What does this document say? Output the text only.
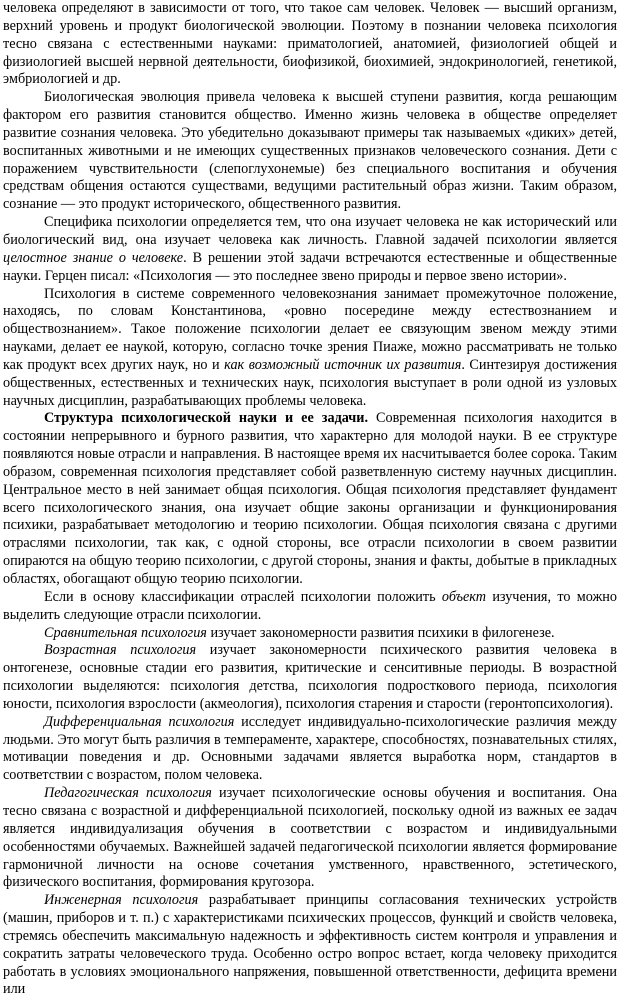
человека определяют в зависимости от того, что такое сам человек. Человек — высший организм, верхний уровень и продукт биологической эволюции. Поэтому в познании человека психология тесно связана с естественными науками: приматологией, анатомией, физиологией общей и физиологией высшей нервной деятельности, биофизикой, биохимией, эндокринологией, генетикой, эмбриологией и др.

Биологическая эволюция привела человека к высшей ступени развития, когда решающим фактором его развития становится общество. Именно жизнь человека в обществе определяет развитие сознания человека. Это убедительно доказывают примеры так называемых «диких» детей, воспитанных животными и не имеющих существенных признаков человеческого сознания. Дети с поражением чувствительности (слепоглухонемые) без специального воспитания и обучения средствам общения остаются существами, ведущими растительный образ жизни. Таким образом, сознание — это продукт исторического, общественного развития.

Специфика психологии определяется тем, что она изучает человека не как исторический или биологический вид, она изучает человека как личность. Главной задачей психологии является целостное знание о человеке. В решении этой задачи встречаются естественные и общественные науки. Герцен писал: «Психология — это последнее звено природы и первое звено истории».

Психология в системе современного человекознания занимает промежуточное положение, находясь, по словам Константинова, «ровно посередине между естествознанием и обществознанием». Такое положение психологии делает ее связующим звеном между этими науками, делает ее наукой, которую, согласно точке зрения Пиаже, можно рассматривать не только как продукт всех других наук, но и как возможный источник их развития. Синтезируя достижения общественных, естественных и технических наук, психология выступает в роли одной из узловых научных дисциплин, разрабатывающих проблемы человека.

Структура психологической науки и ее задачи. Современная психология находится в состоянии непрерывного и бурного развития, что характерно для молодой науки. В ее структуре появляются новые отрасли и направления. В настоящее время их насчитывается более сорока. Таким образом, современная психология представляет собой разветвленную систему научных дисциплин. Центральное место в ней занимает общая психология. Общая психология представляет фундамент всего психологического знания, она изучает общие законы организации и функционирования психики, разрабатывает методологию и теорию психологии. Общая психология связана с другими отраслями психологии, так как, с одной стороны, все отрасли психологии в своем развитии опираются на общую теорию психологии, с другой стороны, знания и факты, добытые в прикладных областях, обогащают общую теорию психологии.

Если в основу классификации отраслей психологии положить объект изучения, то можно выделить следующие отрасли психологии.

Сравнительная психология изучает закономерности развития психики в филогенезе.

Возрастная психология изучает закономерности психического развития человека в онтогенезе, основные стадии его развития, критические и сенситивные периоды. В возрастной психологии выделяются: психология детства, психология подросткового периода, психология юности, психология взрослости (акмеология), психология старения и старости (геронтопсихология).

Дифференциальная психология исследует индивидуально-психологические различия между людьми. Это могут быть различия в темпераменте, характере, способностях, познавательных стилях, мотивации поведения и др. Основными задачами является выработка норм, стандартов в соответствии с возрастом, полом человека.

Педагогическая психология изучает психологические основы обучения и воспитания. Она тесно связана с возрастной и дифференциальной психологией, поскольку одной из важных ее задач является индивидуализация обучения в соответствии с возрастом и индивидуальными особенностями обучаемых. Важнейшей задачей педагогической психологии является формирование гармоничной личности на основе сочетания умственного, нравственного, эстетического, физического воспитания, формирования кругозора.

Инженерная психология разрабатывает принципы согласования технических устройств (машин, приборов и т. п.) с характеристиками психических процессов, функций и свойств человека, стремясь обеспечить максимальную надежность и эффективность систем контроля и управления и сократить затраты человеческого труда. Особенно остро вопрос встает, когда человеку приходится работать в условиях эмоционального напряжения, повышенной ответственности, дефицита времени или
